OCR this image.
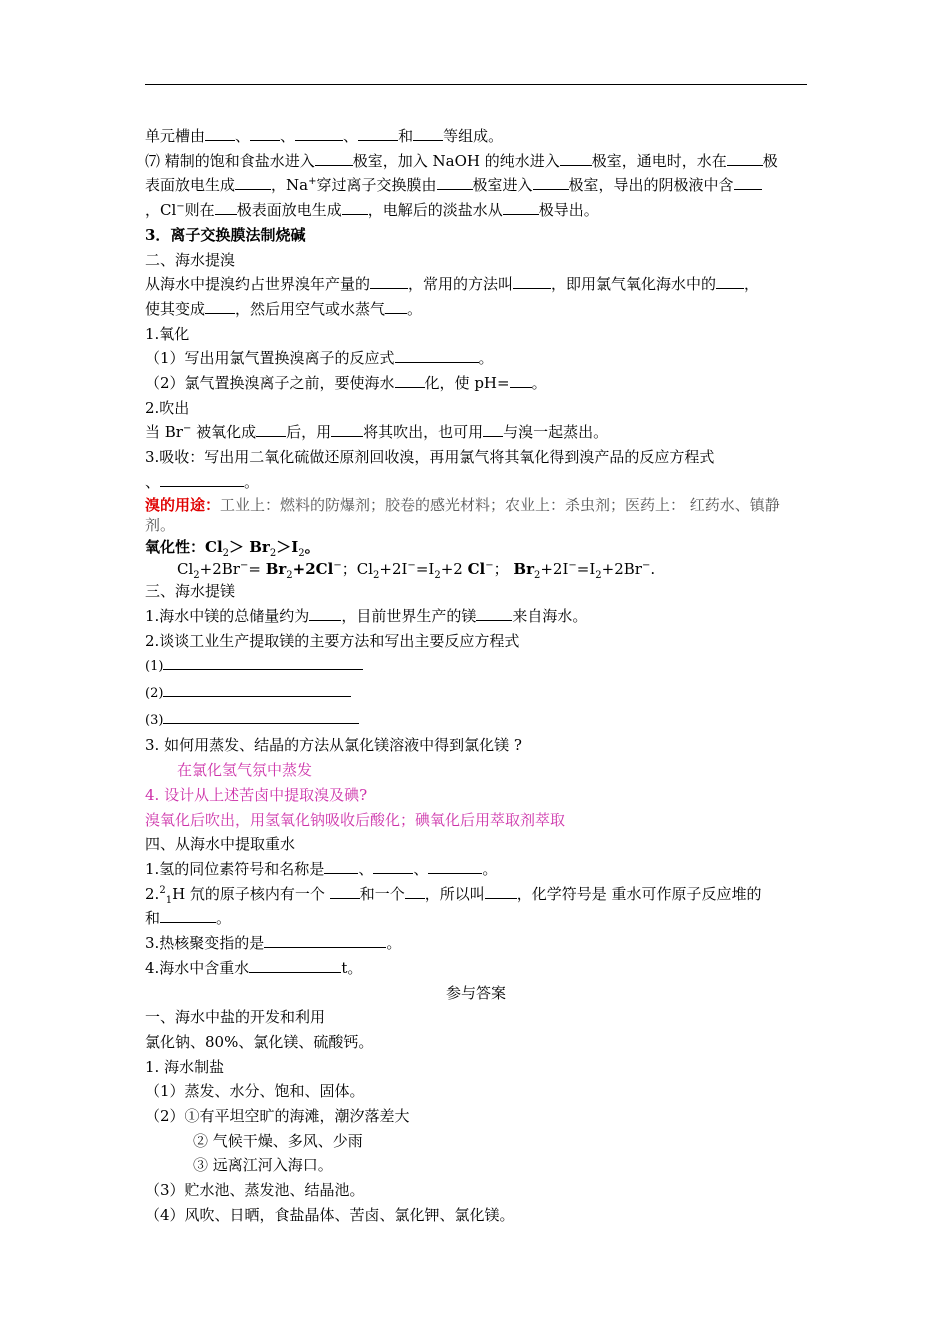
单元槽由 、 、	、	和 等组成。
⑺ 精制的饱和食盐水进入	极室，加入 NaOH 的纯水进入 极室，通电时，水在 极
表面放电生成 ，Na+穿过离子交换膜由 极室进入 极室，导出的阴极液中含
，Cl−则在 极表面放电生成 ，电解后的淡盐水从 极导出。
3．离子交换膜法制烧碱
二、海水提溴
从海水中提溴约占世界溴年产量的	，常用的方法叫	，即用氯气氧化海水中的 ，
使其变成 ，然后用空气或水蒸气 。
1.氧化
（1）写出用氯气置换溴离子的反应式	。
（2）氯气置换溴离子之前，要使海水 化，使 pH= 。
2.吹出
当 Br− 被氧化成 后，用 将其吹出，也可用 与溴一起蒸出。
3.吸收：写出用二氧化硫做还原剂回收溴，再用氯气将其氧化得到溴产品的反应方程式
、	。
溴的用途：工业上：燃料的防爆剂；胶卷的感光材料；农业上：杀虫剂；医药上： 红药水、镇静剂。
氧化性：$Cl_2> Br_2>I_2$。
$Cl_2+2Br^-= Br_2+2Cl^-$；$Cl_2+2I^-=I_2+2$ Cl−； $Br_2+2I^-=I_2+2Br^-$.
三、海水提镁
1.海水中镁的总储量约为 ，目前世界生产的镁 来自海水。
2.谈谈工业生产提取镁的主要方法和写出主要反应方程式
(1)
(2)
(3)
3. 如何用蒸发、结晶的方法从氯化镁溶液中得到氯化镁 ?
在氯化氢气氛中蒸发
4. 设计从上述苦卤中提取溴及碘?
溴氧化后吹出，用氢氧化钠吸收后酸化；碘氧化后用萃取剂萃取
四、从海水中提取重水
1.氢的同位素符号和名称是 、	、	。
2.$^2_1$H 氘的原子核内有一个 和一个 ，所以叫 ，化学符号是 重水可作原子反应堆的
和	。
3.热核聚变指的是	。
4.海水中含重水	t。
参与答案
一、海水中盐的开发和利用
氯化钠、80%、氯化镁、硫酸钙。
1. 海水制盐
（1）蒸发、水分、饱和、固体。
（2）①有平坦空旷的海滩，潮汐落差大
② 气候干燥、多风、少雨
③ 远离江河入海口。
（3）贮水池、蒸发池、结晶池。
（4）风吹、日晒，食盐晶体、苦卤、氯化钾、氯化镁。
